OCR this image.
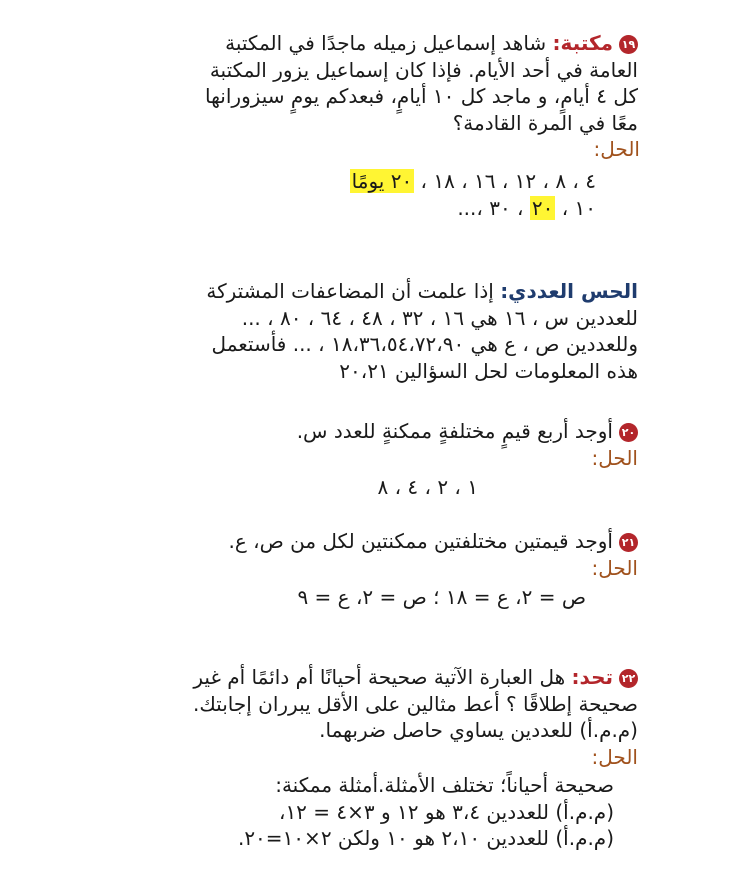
١٩مكتبة: شاهد إسماعيل زميله ماجدًا في المكتبة

العامة في أحد الأيام. فإذا كان إسماعيل يزور المكتبة

كل ٤ أيامٍ، و ماجد كل ١٠ أيامٍ، فبعدكم يومٍ سيزورانها

معًا في المرة القادمة؟

الحل:

٤ ، ٨ ، ١٢ ، ١٦ ، ١٨ ، ٢٠ يومًا

١٠ ، ٢٠ ، ٣٠ ،...

الحس العددي: إذا علمت أن المضاعفات المشتركة

للعددين س ، ١٦ هي ١٦ ، ٣٢ ، ٤٨ ، ٦٤ ، ٨٠ ، ...

وللعددين ص ، ع هي ١٨،٣٦،٥٤،٧٢،٩٠ ، ... فأستعمل

هذه المعلومات لحل السؤالين ٢٠،٢١

٢٠أوجد أربع قيمٍ مختلفةٍ ممكنةٍ للعدد س.

الحل:

١ ، ٢ ، ٤ ، ٨

٢١أوجد قيمتين مختلفتين ممكنتين لكل من ص، ع.

الحل:

ص = ٢، ع = ١٨ ؛ ص = ٢، ع = ٩

٢٢تحد: هل العبارة الآتية صحيحة أحيانًا أم دائمًا أم غير

صحيحة إطلاقًا ؟ أعط مثالين على الأقل يبرران إجابتك.

(م.م.أ) للعددين يساوي حاصل ضربهما.

الحل:

صحيحة أحياناً؛ تختلف الأمثلة.أمثلة ممكنة:

(م.م.أ) للعددين ٣،٤ هو ١٢ و ٣×٤ = ١٢،

(م.م.أ) للعددين ٢،١٠ هو ١٠ ولكن ٢×١٠=٢٠.
